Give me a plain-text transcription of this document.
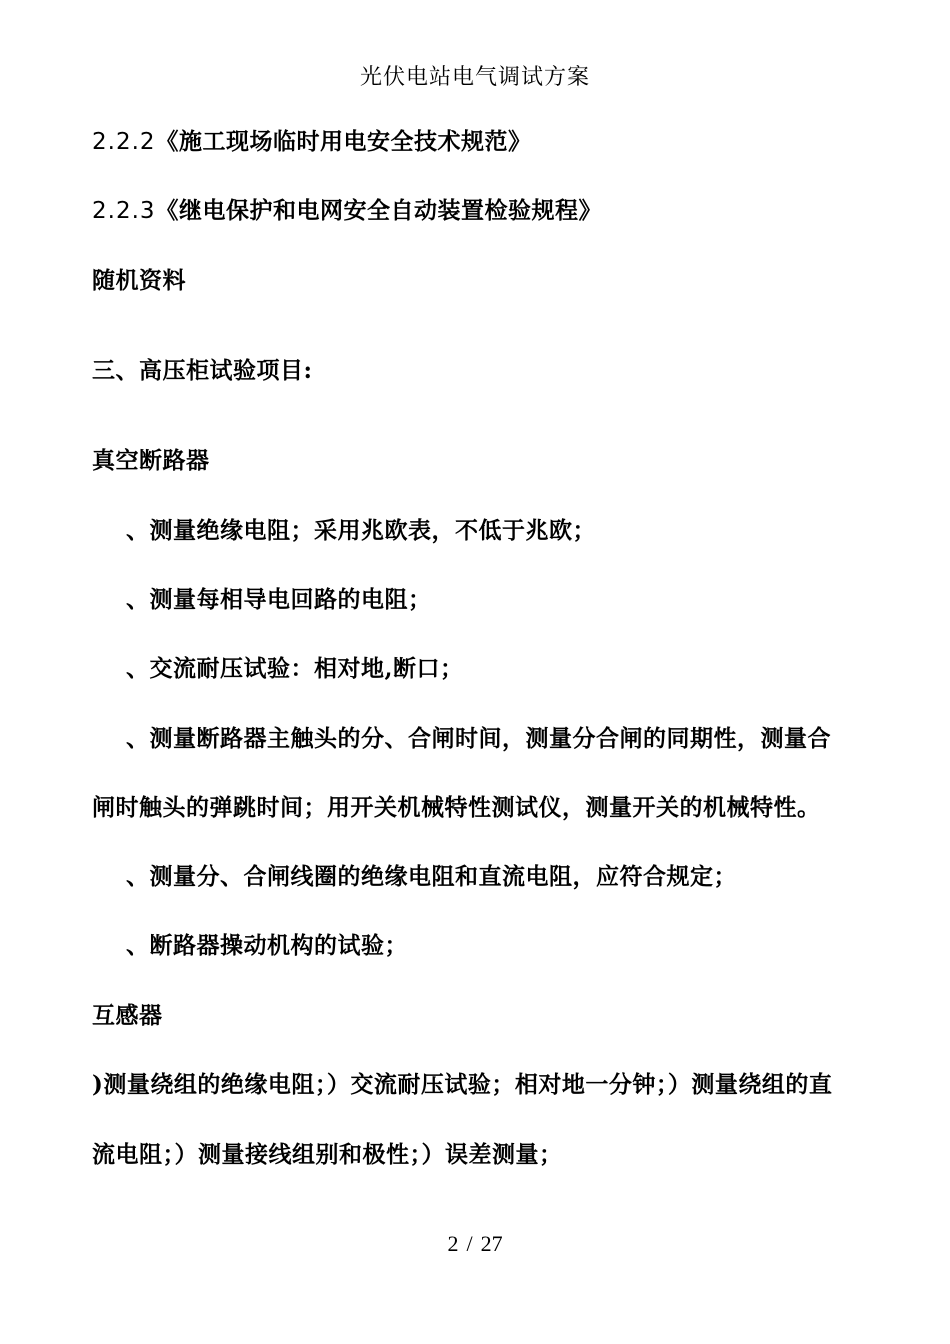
光伏电站电气调试方案
2.2.2《施工现场临时用电安全技术规范》
2.2.3《继电保护和电网安全自动装置检验规程》
随机资料
三、高压柜试验项目:
真空断路器
、测量绝缘电阻；采用兆欧表，不低于兆欧；
、测量每相导电回路的电阻；
、交流耐压试验：相对地,断口；
、测量断路器主触头的分、合闸时间，测量分合闸的同期性，测量合
闸时触头的弹跳时间；用开关机械特性测试仪，测量开关的机械特性。
、测量分、合闸线圈的绝缘电阻和直流电阻，应符合规定；
、断路器操动机构的试验；
互感器
)测量绕组的绝缘电阻；）交流耐压试验；相对地一分钟；）测量绕组的直
流电阻；）测量接线组别和极性；）误差测量；
2 / 27
